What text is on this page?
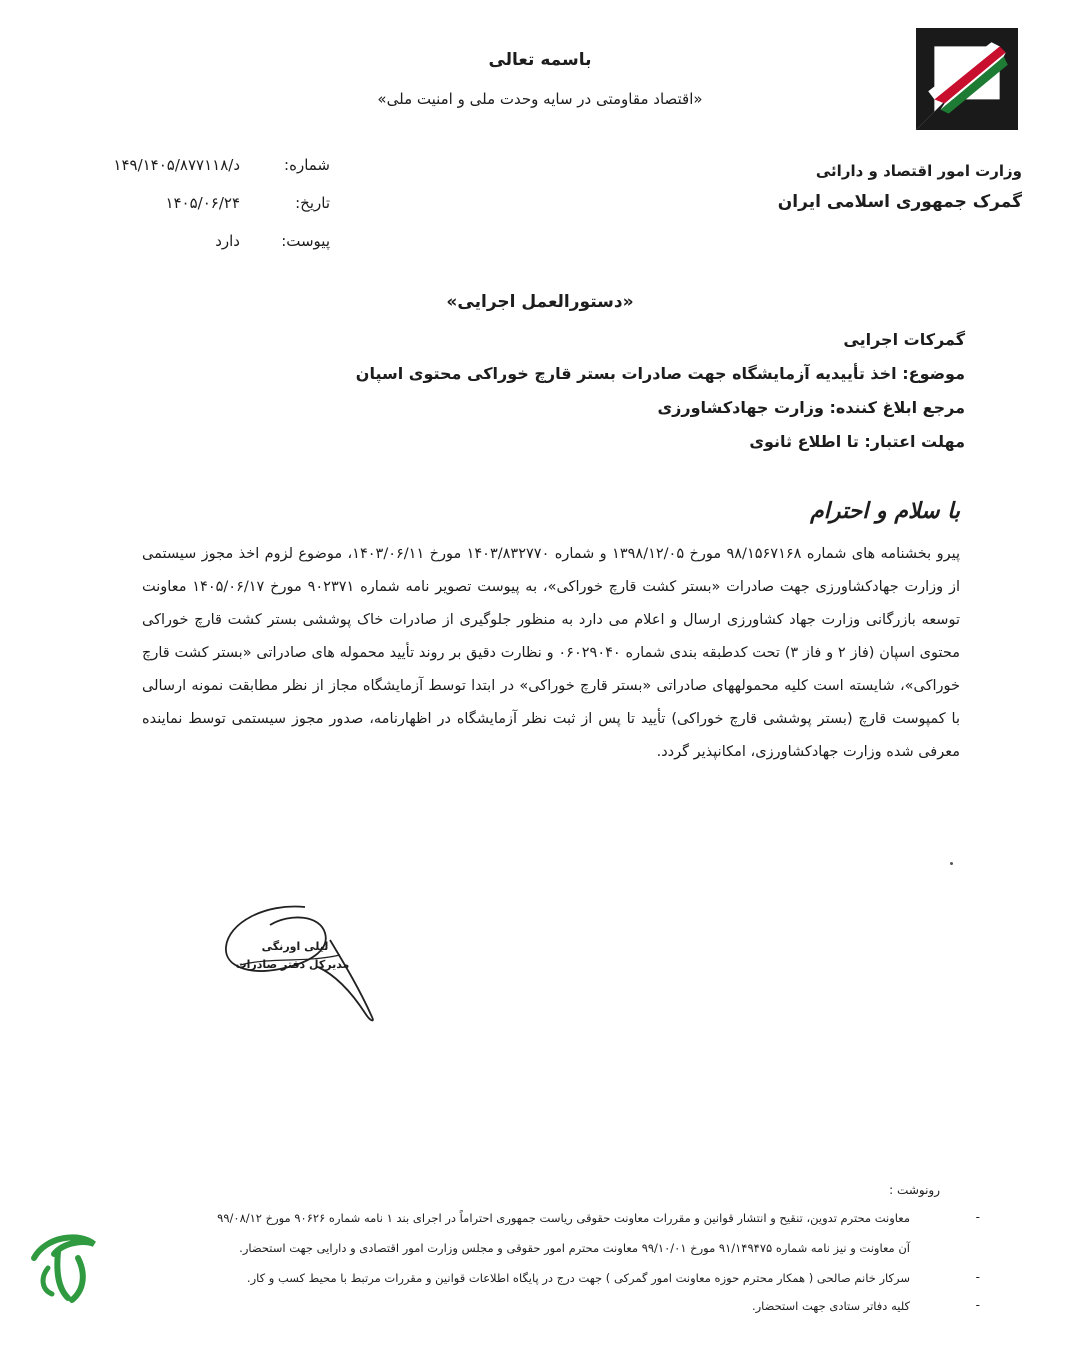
باسمه تعالی
«اقتصاد مقاومتی در سایه وحدت ملی و امنیت ملی»
وزارت امور اقتصاد و دارائی
گمرک جمهوری اسلامی ایران
شماره:
۱۴۹/۱۴۰۵/۸۷۷۱۱۸/د
تاریخ:
۱۴۰۵/۰۶/۲۴
پیوست:
دارد
«دستورالعمل اجرایی»
گمرکات اجرایی
موضوع: اخذ تأییدیه آزمایشگاه جهت صادرات بستر قارچ خوراکی محتوی اسپان
مرجع ابلاغ کننده: وزارت جهادکشاورزی
مهلت اعتبار: تا اطلاع ثانوی
با سلام و احترام
پیرو بخشنامه های شماره ۹۸/۱۵۶۷۱۶۸ مورخ ۱۳۹۸/۱۲/۰۵ و شماره ۱۴۰۳/۸۳۲۷۷۰ مورخ ۱۴۰۳/۰۶/۱۱، موضوع لزوم اخذ مجوز سیستمی از وزارت جهادکشاورزی جهت صادرات «بستر کشت قارچ خوراکی»، به پیوست تصویر نامه شماره ۹۰۲۳۷۱ مورخ ۱۴۰۵/۰۶/۱۷ معاونت توسعه بازرگانی وزارت جهاد کشاورزی ارسال و اعلام می دارد به منظور جلوگیری از صادرات خاک پوششی بستر کشت قارچ خوراکی محتوی اسپان (فاز ۲ و فاز ۳) تحت کدطبقه بندی شماره ۰۶۰۲۹۰۴۰ و نظارت دقیق بر روند تأیید محموله های صادراتی «بستر کشت قارچ خوراکی»، شایسته است کلیه محمولههای صادراتی «بستر قارچ خوراکی» در ابتدا توسط آزمایشگاه مجاز از نظر مطابقت نمونه ارسالی با کمپوست قارچ (بستر پوششی قارچ خوراکی) تأیید تا پس از ثبت نظر آزمایشگاه در اظهارنامه، صدور مجوز سیستمی توسط نماینده معرفی شده وزارت جهادکشاورزی، امکانپذیر گردد.
لیلی اورنگی
مدیرکل دفتر صادرات
رونوشت :
معاونت محترم تدوین، تنقیح و انتشار قوانین و مقررات معاونت حقوقی ریاست جمهوری احتراماً در اجرای بند ۱ نامه شماره ۹۰۶۲۶ مورخ ۹۹/۰۸/۱۲
آن معاونت و نیز نامه شماره ۹۱/۱۴۹۴۷۵ مورخ ۹۹/۱۰/۰۱ معاونت محترم امور حقوقی و مجلس وزارت امور اقتصادی و دارایی جهت استحضار.
سرکار خانم صالحی ( همکار محترم حوزه معاونت امور گمرکی ) جهت درج در پایگاه اطلاعات قوانین و مقررات مرتبط با محیط کسب و کار.
کلیه دفاتر ستادی جهت استحضار.
-
-
-
